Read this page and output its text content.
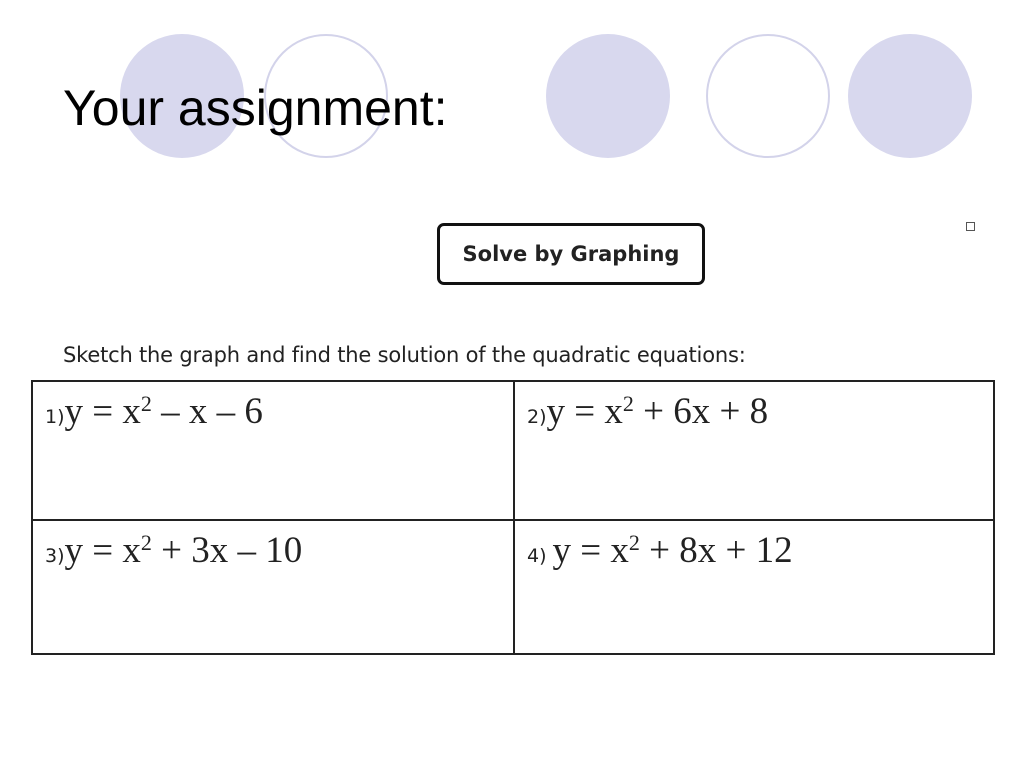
Your assignment:
Solve by Graphing

Sketch the graph and find the solution of the quadratic equations:

$1)y = x^2 - x - 6$	$2)y = x^2 + 6x + 8$
$3)y = x^2 + 3x - 10$	4) $y = x^2 + 8x + 12$
